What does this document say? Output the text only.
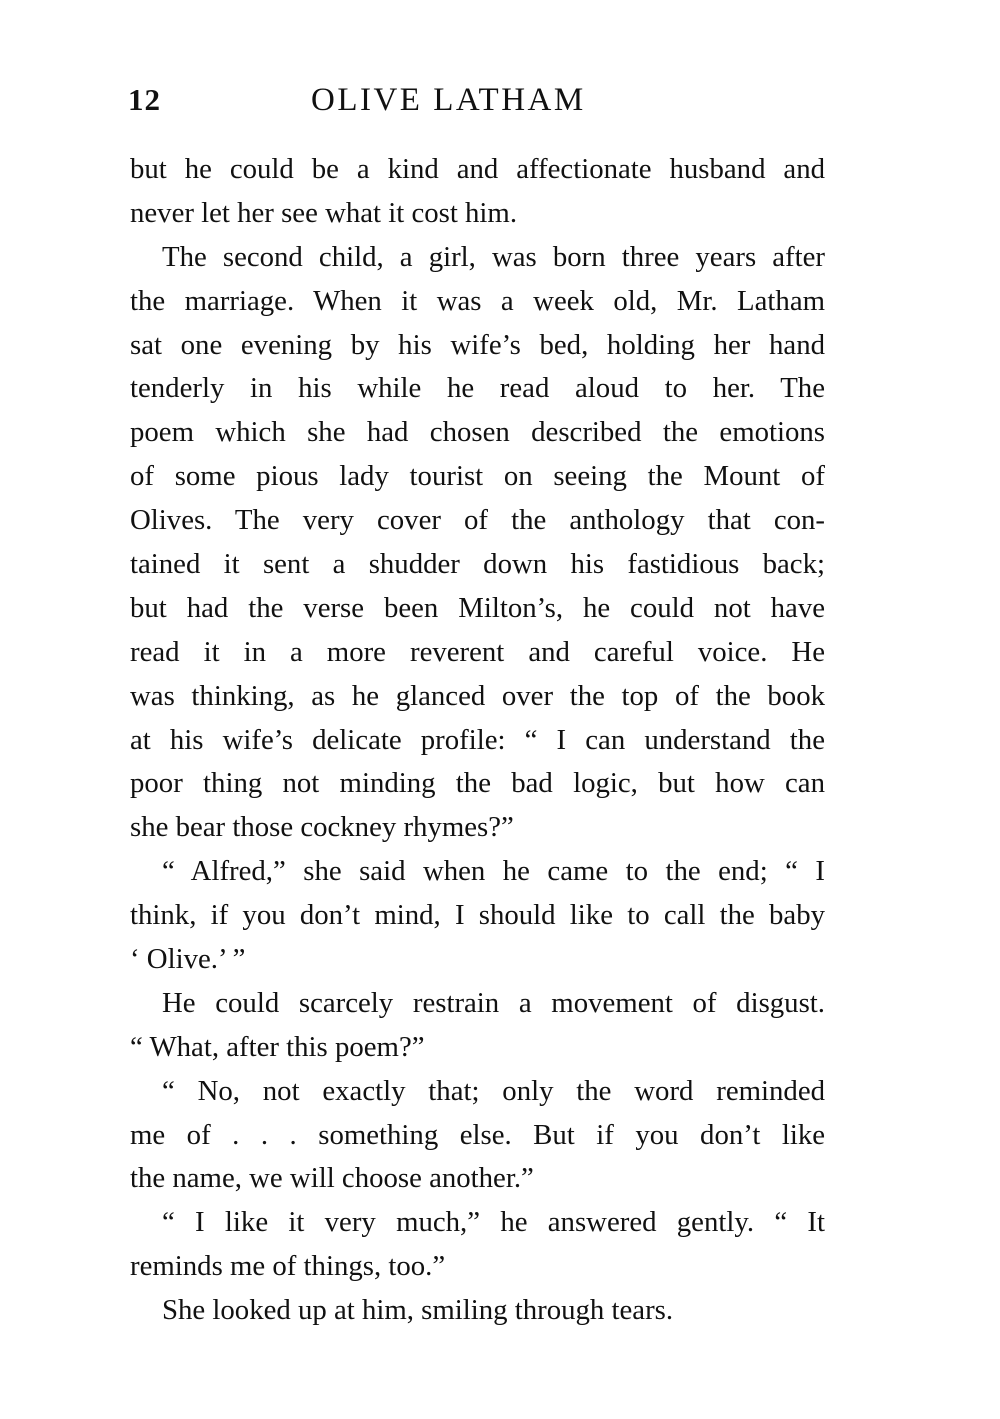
12	OLIVE LATHAM
but he could be a kind and affectionate husband and
never let her see what it cost him.
The second child, a girl, was born three years after
the marriage. When it was a week old, Mr. Latham
sat one evening by his wife’s bed, holding her hand
tenderly in his while he read aloud to her. The
poem which she had chosen described the emotions
of some pious lady tourist on seeing the Mount of
Olives. The very cover of the anthology that con-
tained it sent a shudder down his fastidious back;
but had the verse been Milton’s, he could not have
read it in a more reverent and careful voice. He
was thinking, as he glanced over the top of the book
at his wife’s delicate profile: “ I can understand the
poor thing not minding the bad logic, but how can
she bear those cockney rhymes?”
“ Alfred,” she said when he came to the end; “ I
think, if you don’t mind, I should like to call the baby
‘ Olive.’ ”
He could scarcely restrain a movement of disgust.
“ What, after this poem?”
“ No, not exactly that; only the word reminded
me of . . . something else. But if you don’t like
the name, we will choose another.”
“ I like it very much,” he answered gently. “ It
reminds me of things, too.”
She looked up at him, smiling through tears.
